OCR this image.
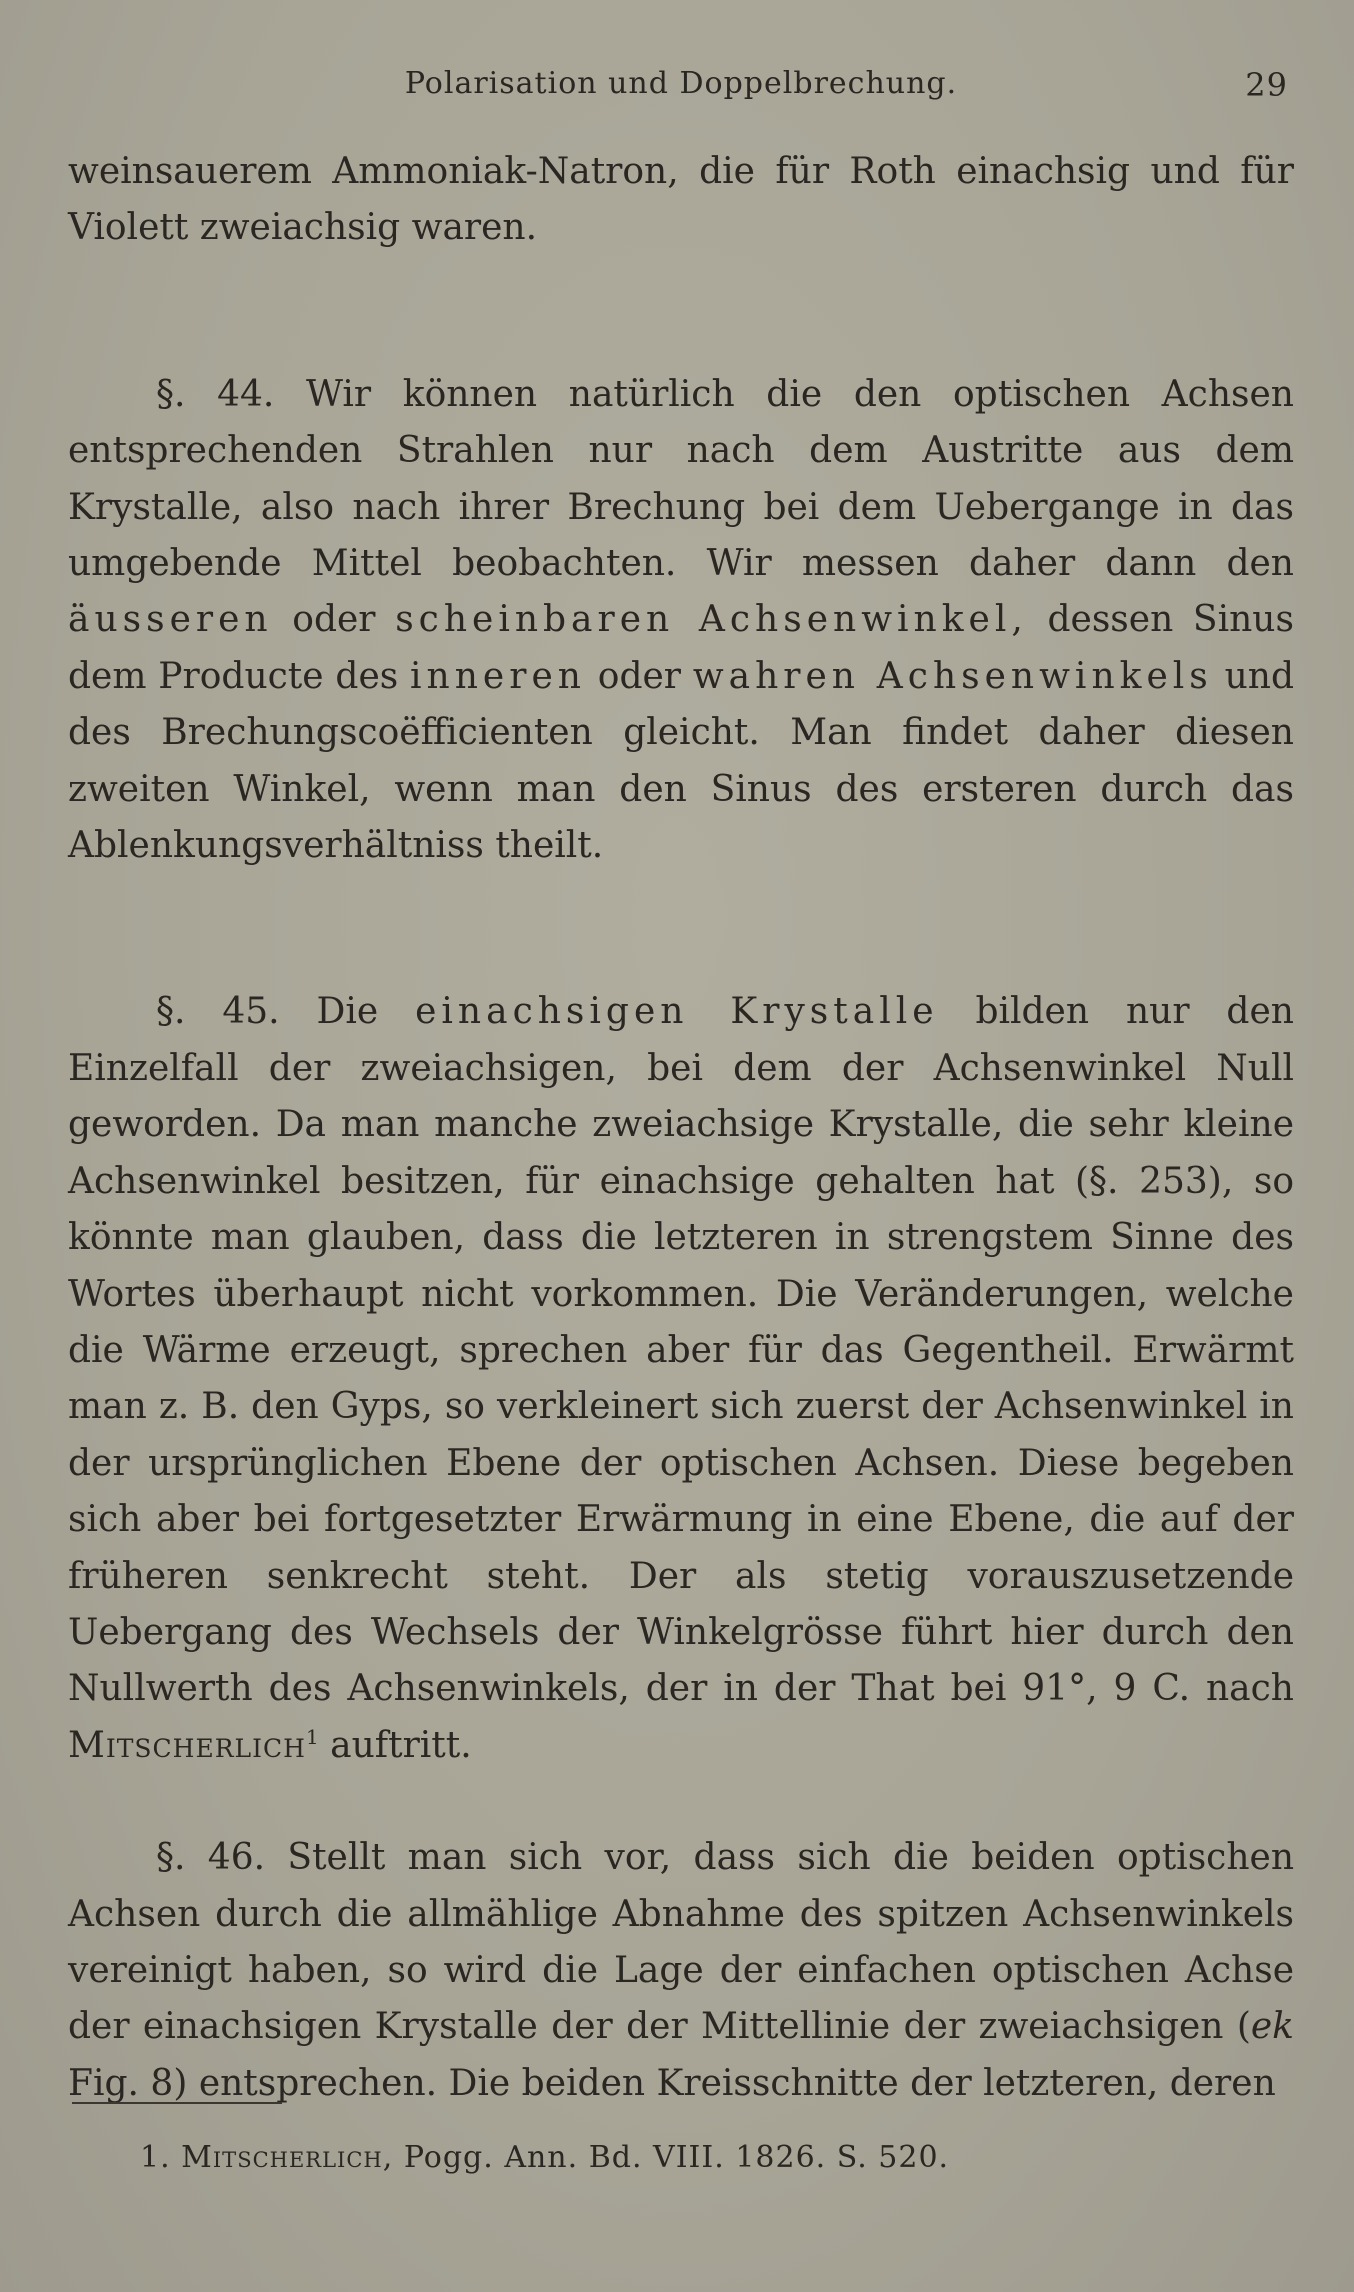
Polarisation und Doppelbrechung.	29

weinsauerem Ammoniak-Natron, die für Roth einachsig und für Violett zweiachsig waren.

§. 44. Wir können natürlich die den optischen Achsen entsprechenden Strahlen nur nach dem Austritte aus dem Krystalle, also nach ihrer Brechung bei dem Uebergange in das umgebende Mittel beobachten. Wir messen daher dann den äusseren oder scheinbaren Achsenwinkel, dessen Sinus dem Producte des inneren oder wahren Achsenwinkels und des Brechungscoëfficienten gleicht. Man findet daher diesen zweiten Winkel, wenn man den Sinus des ersteren durch das Ablenkungsverhältniss theilt.

§. 45. Die einachsigen Krystalle bilden nur den Einzelfall der zweiachsigen, bei dem der Achsenwinkel Null geworden. Da man manche zweiachsige Krystalle, die sehr kleine Achsenwinkel besitzen, für einachsige gehalten hat (§. 253), so könnte man glauben, dass die letzteren in strengstem Sinne des Wortes überhaupt nicht vorkommen. Die Veränderungen, welche die Wärme erzeugt, sprechen aber für das Gegentheil. Erwärmt man z. B. den Gyps, so verkleinert sich zuerst der Achsenwinkel in der ursprünglichen Ebene der optischen Achsen. Diese begeben sich aber bei fortgesetzter Erwärmung in eine Ebene, die auf der früheren senkrecht steht. Der als stetig vorauszusetzende Uebergang des Wechsels der Winkelgrösse führt hier durch den Nullwerth des Achsenwinkels, der in der That bei 91°, 9 C. nach Mitscherlich$^1$ auftritt.

§. 46. Stellt man sich vor, dass sich die beiden optischen Achsen durch die allmählige Abnahme des spitzen Achsenwinkels vereinigt haben, so wird die Lage der einfachen optischen Achse der einachsigen Krystalle der der Mittellinie der zweiachsigen (ek Fig. 8) entsprechen. Die beiden Kreisschnitte der letzteren, deren

1. Mitscherlich, Pogg. Ann. Bd. VIII. 1826. S. 520.
